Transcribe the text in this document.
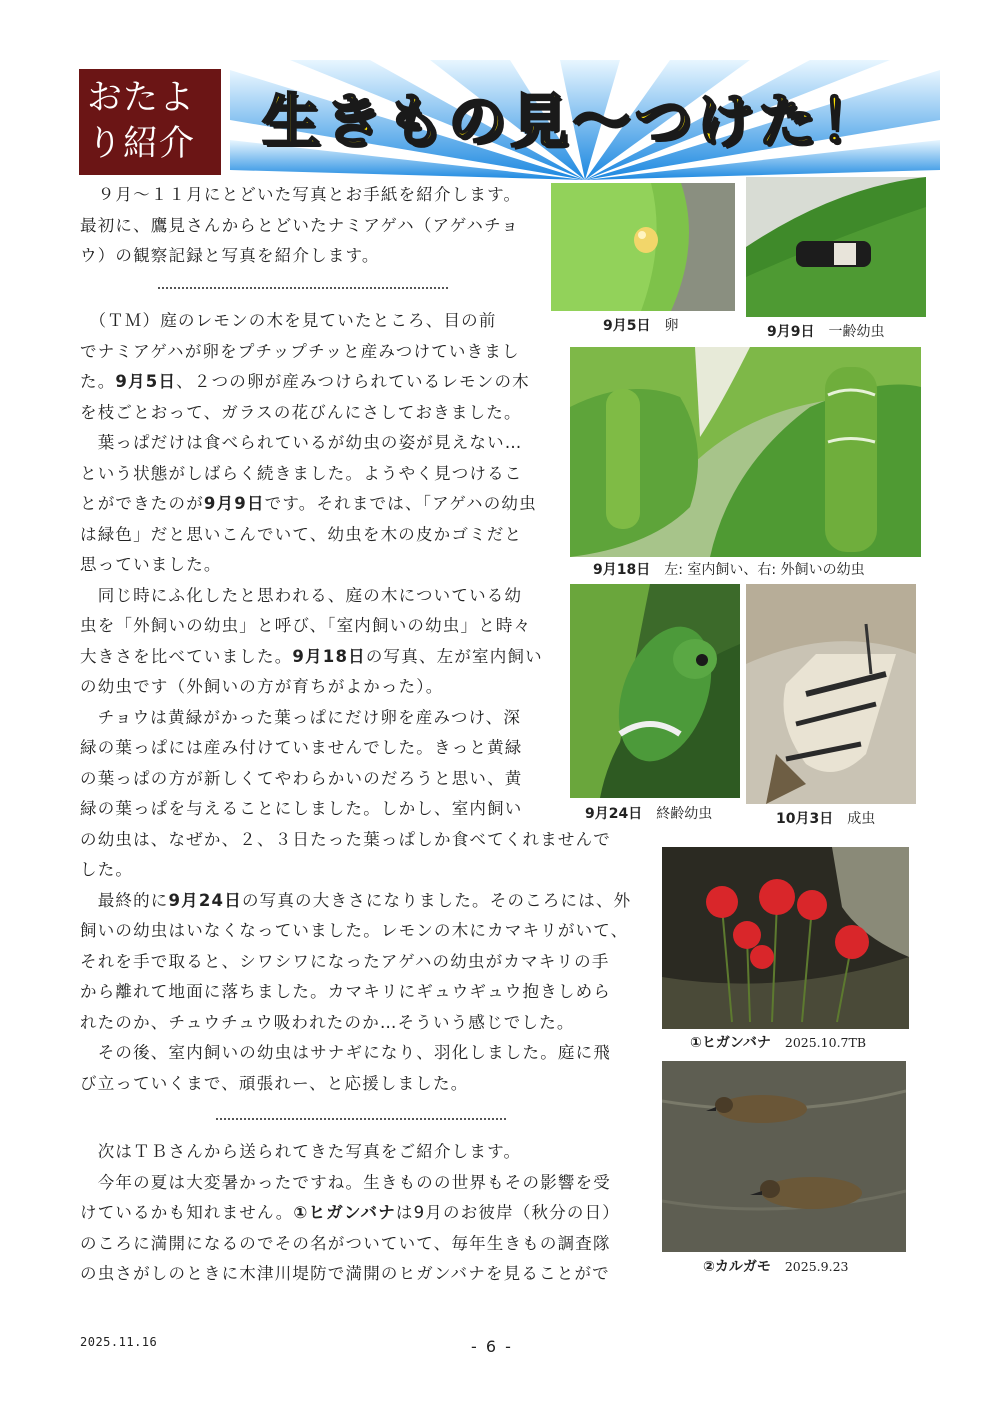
おたよ
り紹介	生きもの見〜つけた！
　９月〜１１月にとどいた写真とお手紙を紹介します。
最初に、鷹見さんからとどいたナミアゲハ（アゲハチョ
ウ）の観察記録と写真を紹介します。
　（ＴＭ）庭のレモンの木を見ていたところ、目の前
でナミアゲハが卵をプチップチッと産みつけていきまし
た。9月5日、２つの卵が産みつけられているレモンの木
を枝ごとおって、ガラスの花びんにさしておきました。
　葉っぱだけは食べられているが幼虫の姿が見えない…
という状態がしばらく続きました。ようやく見つけるこ
とができたのが9月9日です。それまでは、「アゲハの幼虫
は緑色」だと思いこんでいて、幼虫を木の皮かゴミだと
思っていました。
　同じ時にふ化したと思われる、庭の木についている幼
虫を「外飼いの幼虫」と呼び、「室内飼いの幼虫」と時々
大きさを比べていました。9月18日の写真、左が室内飼い
の幼虫です（外飼いの方が育ちがよかった）。
　チョウは黄緑がかった葉っぱにだけ卵を産みつけ、深
緑の葉っぱには産み付けていませんでした。きっと黄緑
の葉っぱの方が新しくてやわらかいのだろうと思い、黄
緑の葉っぱを与えることにしました。しかし、室内飼い
の幼虫は、なぜか、２、３日たった葉っぱしか食べてくれませんで
した。
　最終的に9月24日の写真の大きさになりました。そのころには、外
飼いの幼虫はいなくなっていました。レモンの木にカマキリがいて、
それを手で取ると、シワシワになったアゲハの幼虫がカマキリの手
から離れて地面に落ちました。カマキリにギュウギュウ抱きしめら
れたのか、チュウチュウ吸われたのか…そういう感じでした。
　その後、室内飼いの幼虫はサナギになり、羽化しました。庭に飛
び立っていくまで、頑張れー、と応援しました。
　次はＴＢさんから送られてきた写真をご紹介します。
　今年の夏は大変暑かったですね。生きものの世界もその影響を受
けているかも知れません。①ヒガンバナは9月のお彼岸（秋分の日）
のころに満開になるのでその名がついていて、毎年生きもの調査隊
の虫さがしのときに木津川堤防で満開のヒガンバナを見ることがで
9月5日　 卵	9月9日　 一齢幼虫
9月18日　 左: 室内飼い、右: 外飼いの幼虫
9月24日　 終齢幼虫	10月3日　 成虫
①ヒガンバナ　 2025.10.7TB
②カルガモ　 2025.9.23
2025.11.16	- 6 -
